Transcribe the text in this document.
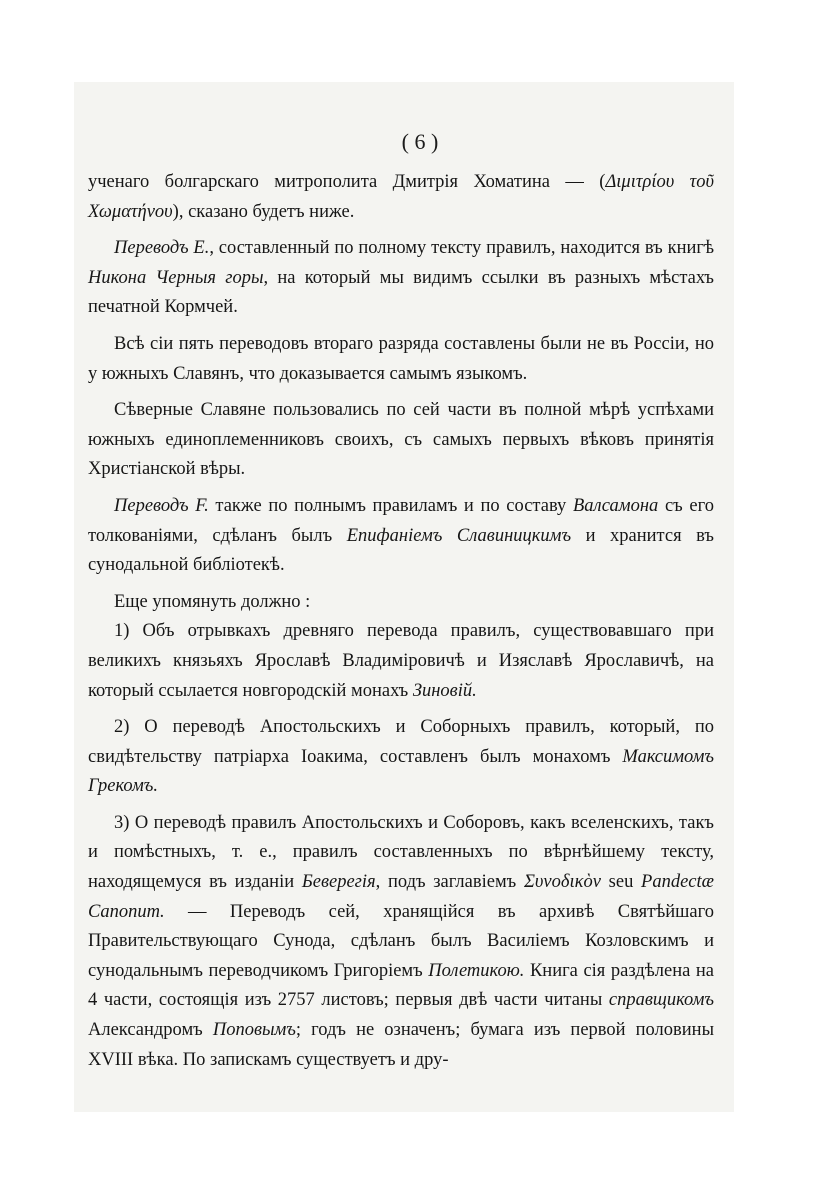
( 6 )

ученаго болгарскаго митрополита Дмитрія Хоматина — (Διμιτρίου τοῦ Χωματήνου), сказано будетъ ниже.

Переводъ Е., составленный по полному тексту правилъ, находится въ книгѣ Никона Черныя горы, на который мы видимъ ссылки въ разныхъ мѣстахъ печатной Кормчей.

Всѣ сіи пять переводовъ втораго разряда составлены были не въ Россіи, но у южныхъ Славянъ, что доказывается самымъ языкомъ.

Сѣверные Славяне пользовались по сей части въ полной мѣрѣ успѣхами южныхъ единоплеменниковъ своихъ, съ самыхъ первыхъ вѣковъ принятія Христіанской вѣры.

Переводъ F. также по полнымъ правиламъ и по составу Валсамона съ его толкованіями, сдѣланъ былъ Епифаніемъ Славиницкимъ и хранится въ сунодальной библіотекѣ.

Еще упомянуть должно :

1) Объ отрывкахъ древняго перевода правилъ, существовавшаго при великихъ князьяхъ Ярославѣ Владиміровичѣ и Изяславѣ Ярославичѣ, на который ссылается новгородскій монахъ Зиновій.

2) О переводѣ Апостольскихъ и Соборныхъ правилъ, который, по свидѣтельству патріарха Іоакима, составленъ былъ монахомъ Максимомъ Грекомъ.

3) О переводѣ правилъ Апостольскихъ и Соборовъ, какъ вселенскихъ, такъ и помѣстныхъ, т. е., правилъ составленныхъ по вѣрнѣйшему тексту, находящемуся въ изданіи Беверегія, подъ заглавіемъ Συνοδικὸν seu Pandectæ Canonum. — Переводъ сей, хранящійся въ архивѣ Святѣйшаго Правительствующаго Сунода, сдѣланъ былъ Василіемъ Козловскимъ и сунодальнымъ переводчикомъ Григоріемъ Полетикою. Книга сія раздѣлена на 4 части, состоящія изъ 2757 листовъ; первыя двѣ части читаны справщикомъ Александромъ Поповымъ; годъ не означенъ; бумага изъ первой половины XVIII вѣка. По запискамъ существуетъ и дру-
